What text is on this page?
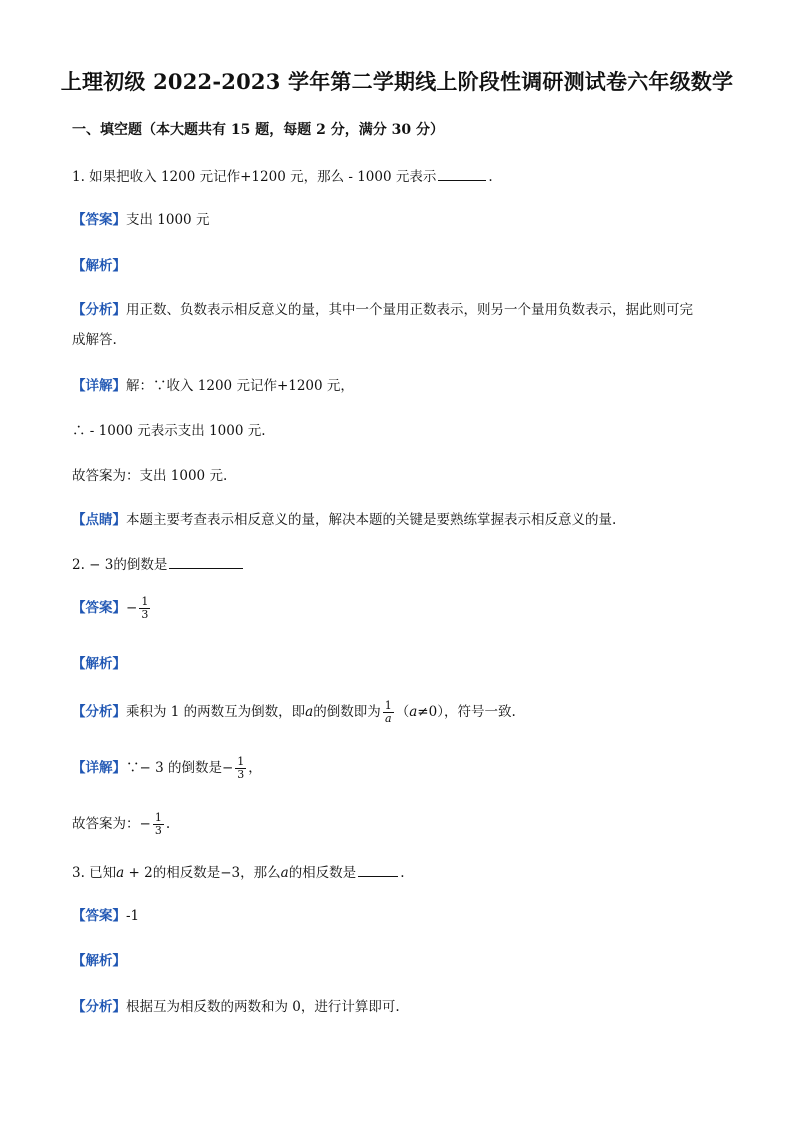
上理初级 2022-2023 学年第二学期线上阶段性调研测试卷六年级数学
一、填空题（本大题共有 15 题，每题 2 分，满分 30 分）
1. 如果把收入 1200 元记作+1200 元，那么 - 1000 元表示	.
【答案】支出 1000 元
【解析】
【分析】用正数、负数表示相反意义的量，其中一个量用正数表示，则另一个量用负数表示，据此则可完
成解答.
【详解】解：∵收入 1200 元记作+1200 元，
∴ - 1000 元表示支出 1000 元.
故答案为：支出 1000 元.
【点睛】本题主要考查表示相反意义的量，解决本题的关键是要熟练掌握表示相反意义的量.
2. − 3的倒数是
【答案】− $\frac{1}{3}$
【解析】
【分析】乘积为 1 的两数互为倒数，即a的倒数即为 $\frac{1}{a} (a\ne 0)$，符号一致.
【详解】∵− 3 的倒数是− $\frac{1}{3}$ ，
故答案为：− $\frac{1}{3}$ .
3. 已知a + 2的相反数是−3，那么a的相反数是	.
【答案】-1
【解析】
【分析】根据互为相反数的两数和为 0，进行计算即可.
